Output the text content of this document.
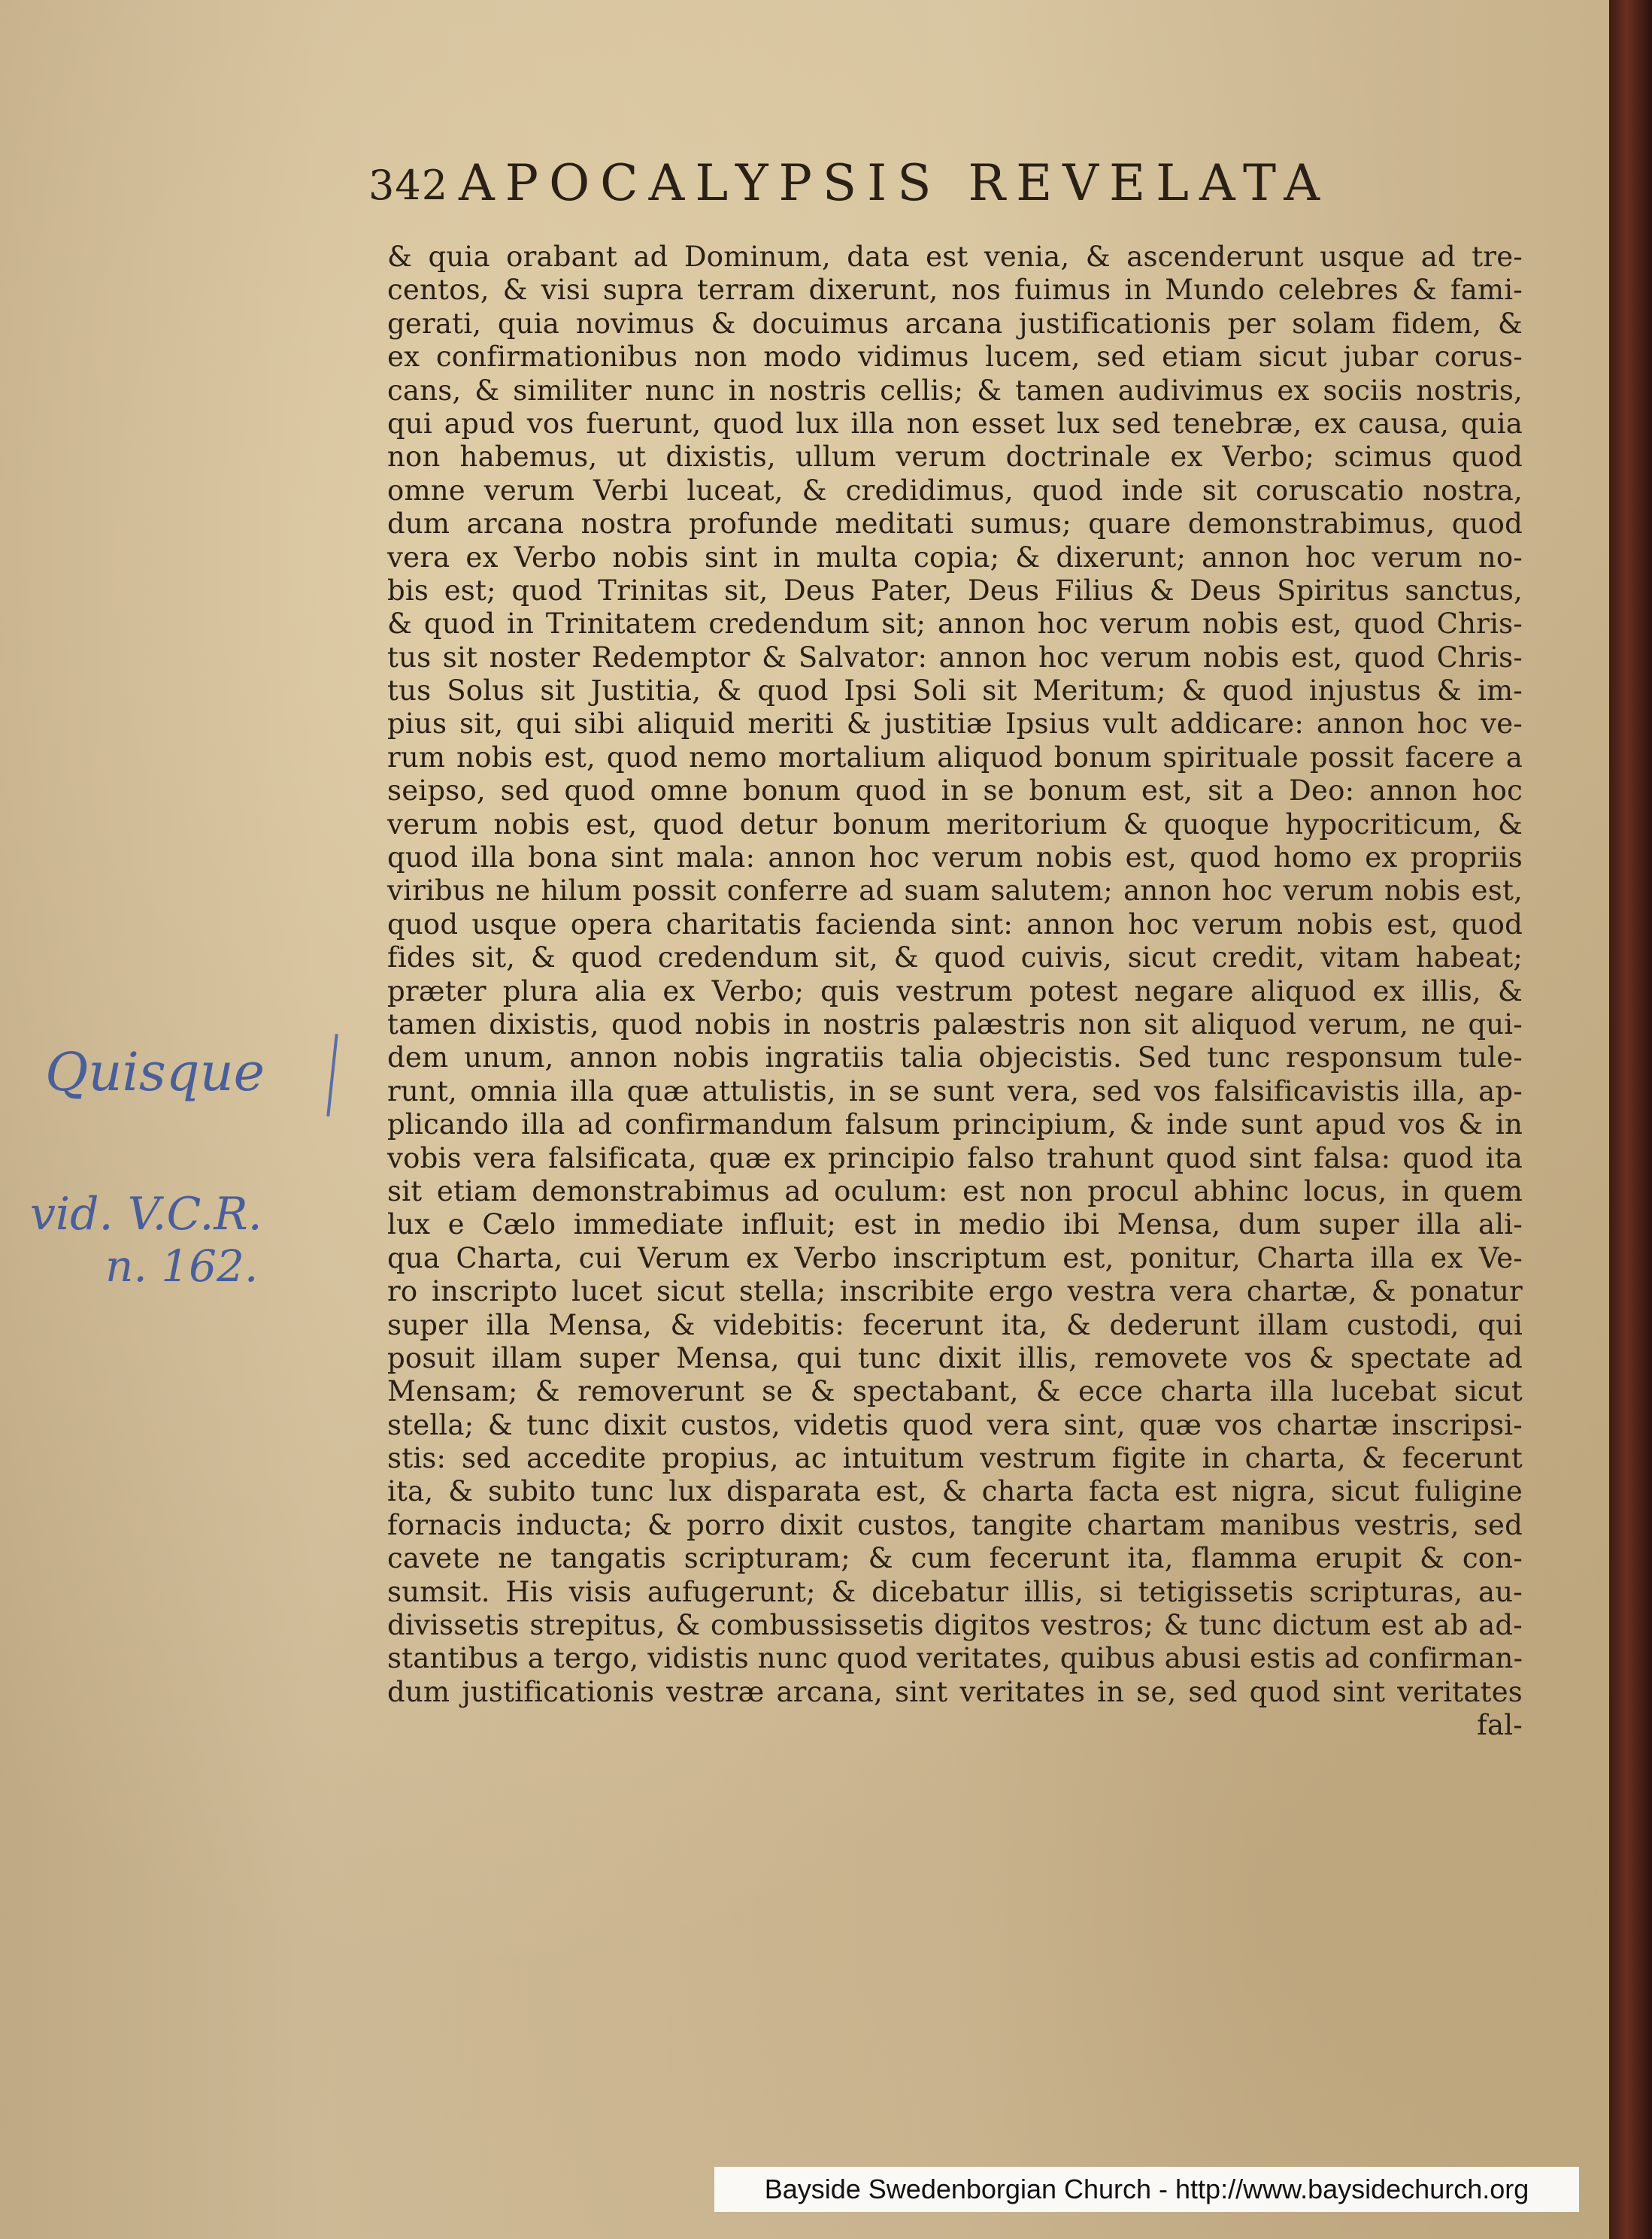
342 APOCALYPSIS REVELATA
& quia orabant ad Dominum, data est venia, & ascenderunt usque ad tre-
centos, & visi supra terram dixerunt, nos fuimus in Mundo celebres & fami-
gerati, quia novimus & docuimus arcana justificationis per solam fidem, &
ex confirmationibus non modo vidimus lucem, sed etiam sicut jubar corus-
cans, & similiter nunc in nostris cellis; & tamen audivimus ex sociis nostris,
qui apud vos fuerunt, quod lux illa non esset lux sed tenebræ, ex causa, quia
non habemus, ut dixistis, ullum verum doctrinale ex Verbo; scimus quod
omne verum Verbi luceat, & credidimus, quod inde sit coruscatio nostra,
dum arcana nostra profunde meditati sumus; quare demonstrabimus, quod
vera ex Verbo nobis sint in multa copia; & dixerunt; annon hoc verum no-
bis est; quod Trinitas sit, Deus Pater, Deus Filius & Deus Spiritus sanctus,
& quod in Trinitatem credendum sit; annon hoc verum nobis est, quod Chris-
tus sit noster Redemptor & Salvator: annon hoc verum nobis est, quod Chris-
tus Solus sit Justitia, & quod Ipsi Soli sit Meritum; & quod injustus & im-
pius sit, qui sibi aliquid meriti & justitiæ Ipsius vult addicare: annon hoc ve-
rum nobis est, quod nemo mortalium aliquod bonum spirituale possit facere a
seipso, sed quod omne bonum quod in se bonum est, sit a Deo: annon hoc
verum nobis est, quod detur bonum meritorium & quoque hypocriticum, &
quod illa bona sint mala: annon hoc verum nobis est, quod homo ex propriis
viribus ne hilum possit conferre ad suam salutem; annon hoc verum nobis est,
quod usque opera charitatis facienda sint: annon hoc verum nobis est, quod
fides sit, & quod credendum sit, & quod cuivis, sicut credit, vitam habeat;
præter plura alia ex Verbo; quis vestrum potest negare aliquod ex illis, &
tamen dixistis, quod nobis in nostris palæstris non sit aliquod verum, ne qui-
dem unum, annon nobis ingratiis talia objecistis. Sed tunc responsum tule-
runt, omnia illa quæ attulistis, in se sunt vera, sed vos falsificavistis illa, ap-
plicando illa ad confirmandum falsum principium, & inde sunt apud vos & in
vobis vera falsificata, quæ ex principio falso trahunt quod sint falsa: quod ita
sit etiam demonstrabimus ad oculum: est non procul abhinc locus, in quem
lux e Cælo immediate influit; est in medio ibi Mensa, dum super illa ali-
qua Charta, cui Verum ex Verbo inscriptum est, ponitur, Charta illa ex Ve-
ro inscripto lucet sicut stella; inscribite ergo vestra vera chartæ, & ponatur
super illa Mensa, & videbitis: fecerunt ita, & dederunt illam custodi, qui
posuit illam super Mensa, qui tunc dixit illis, removete vos & spectate ad
Mensam; & removerunt se & spectabant, & ecce charta illa lucebat sicut
stella; & tunc dixit custos, videtis quod vera sint, quæ vos chartæ inscripsi-
stis: sed accedite propius, ac intuitum vestrum figite in charta, & fecerunt
ita, & subito tunc lux disparata est, & charta facta est nigra, sicut fuligine
fornacis inducta; & porro dixit custos, tangite chartam manibus vestris, sed
cavete ne tangatis scripturam; & cum fecerunt ita, flamma erupit & con-
sumsit. His visis aufugerunt; & dicebatur illis, si tetigissetis scripturas, au-
divissetis strepitus, & combussissetis digitos vestros; & tunc dictum est ab ad-
stantibus a tergo, vidistis nunc quod veritates, quibus abusi estis ad confirman-
dum justificationis vestræ arcana, sint veritates in se, sed quod sint veritates
fal-
Quisque
vid. V.C.R.
n. 162.
Bayside Swedenborgian Church - http://www.baysidechurch.org
